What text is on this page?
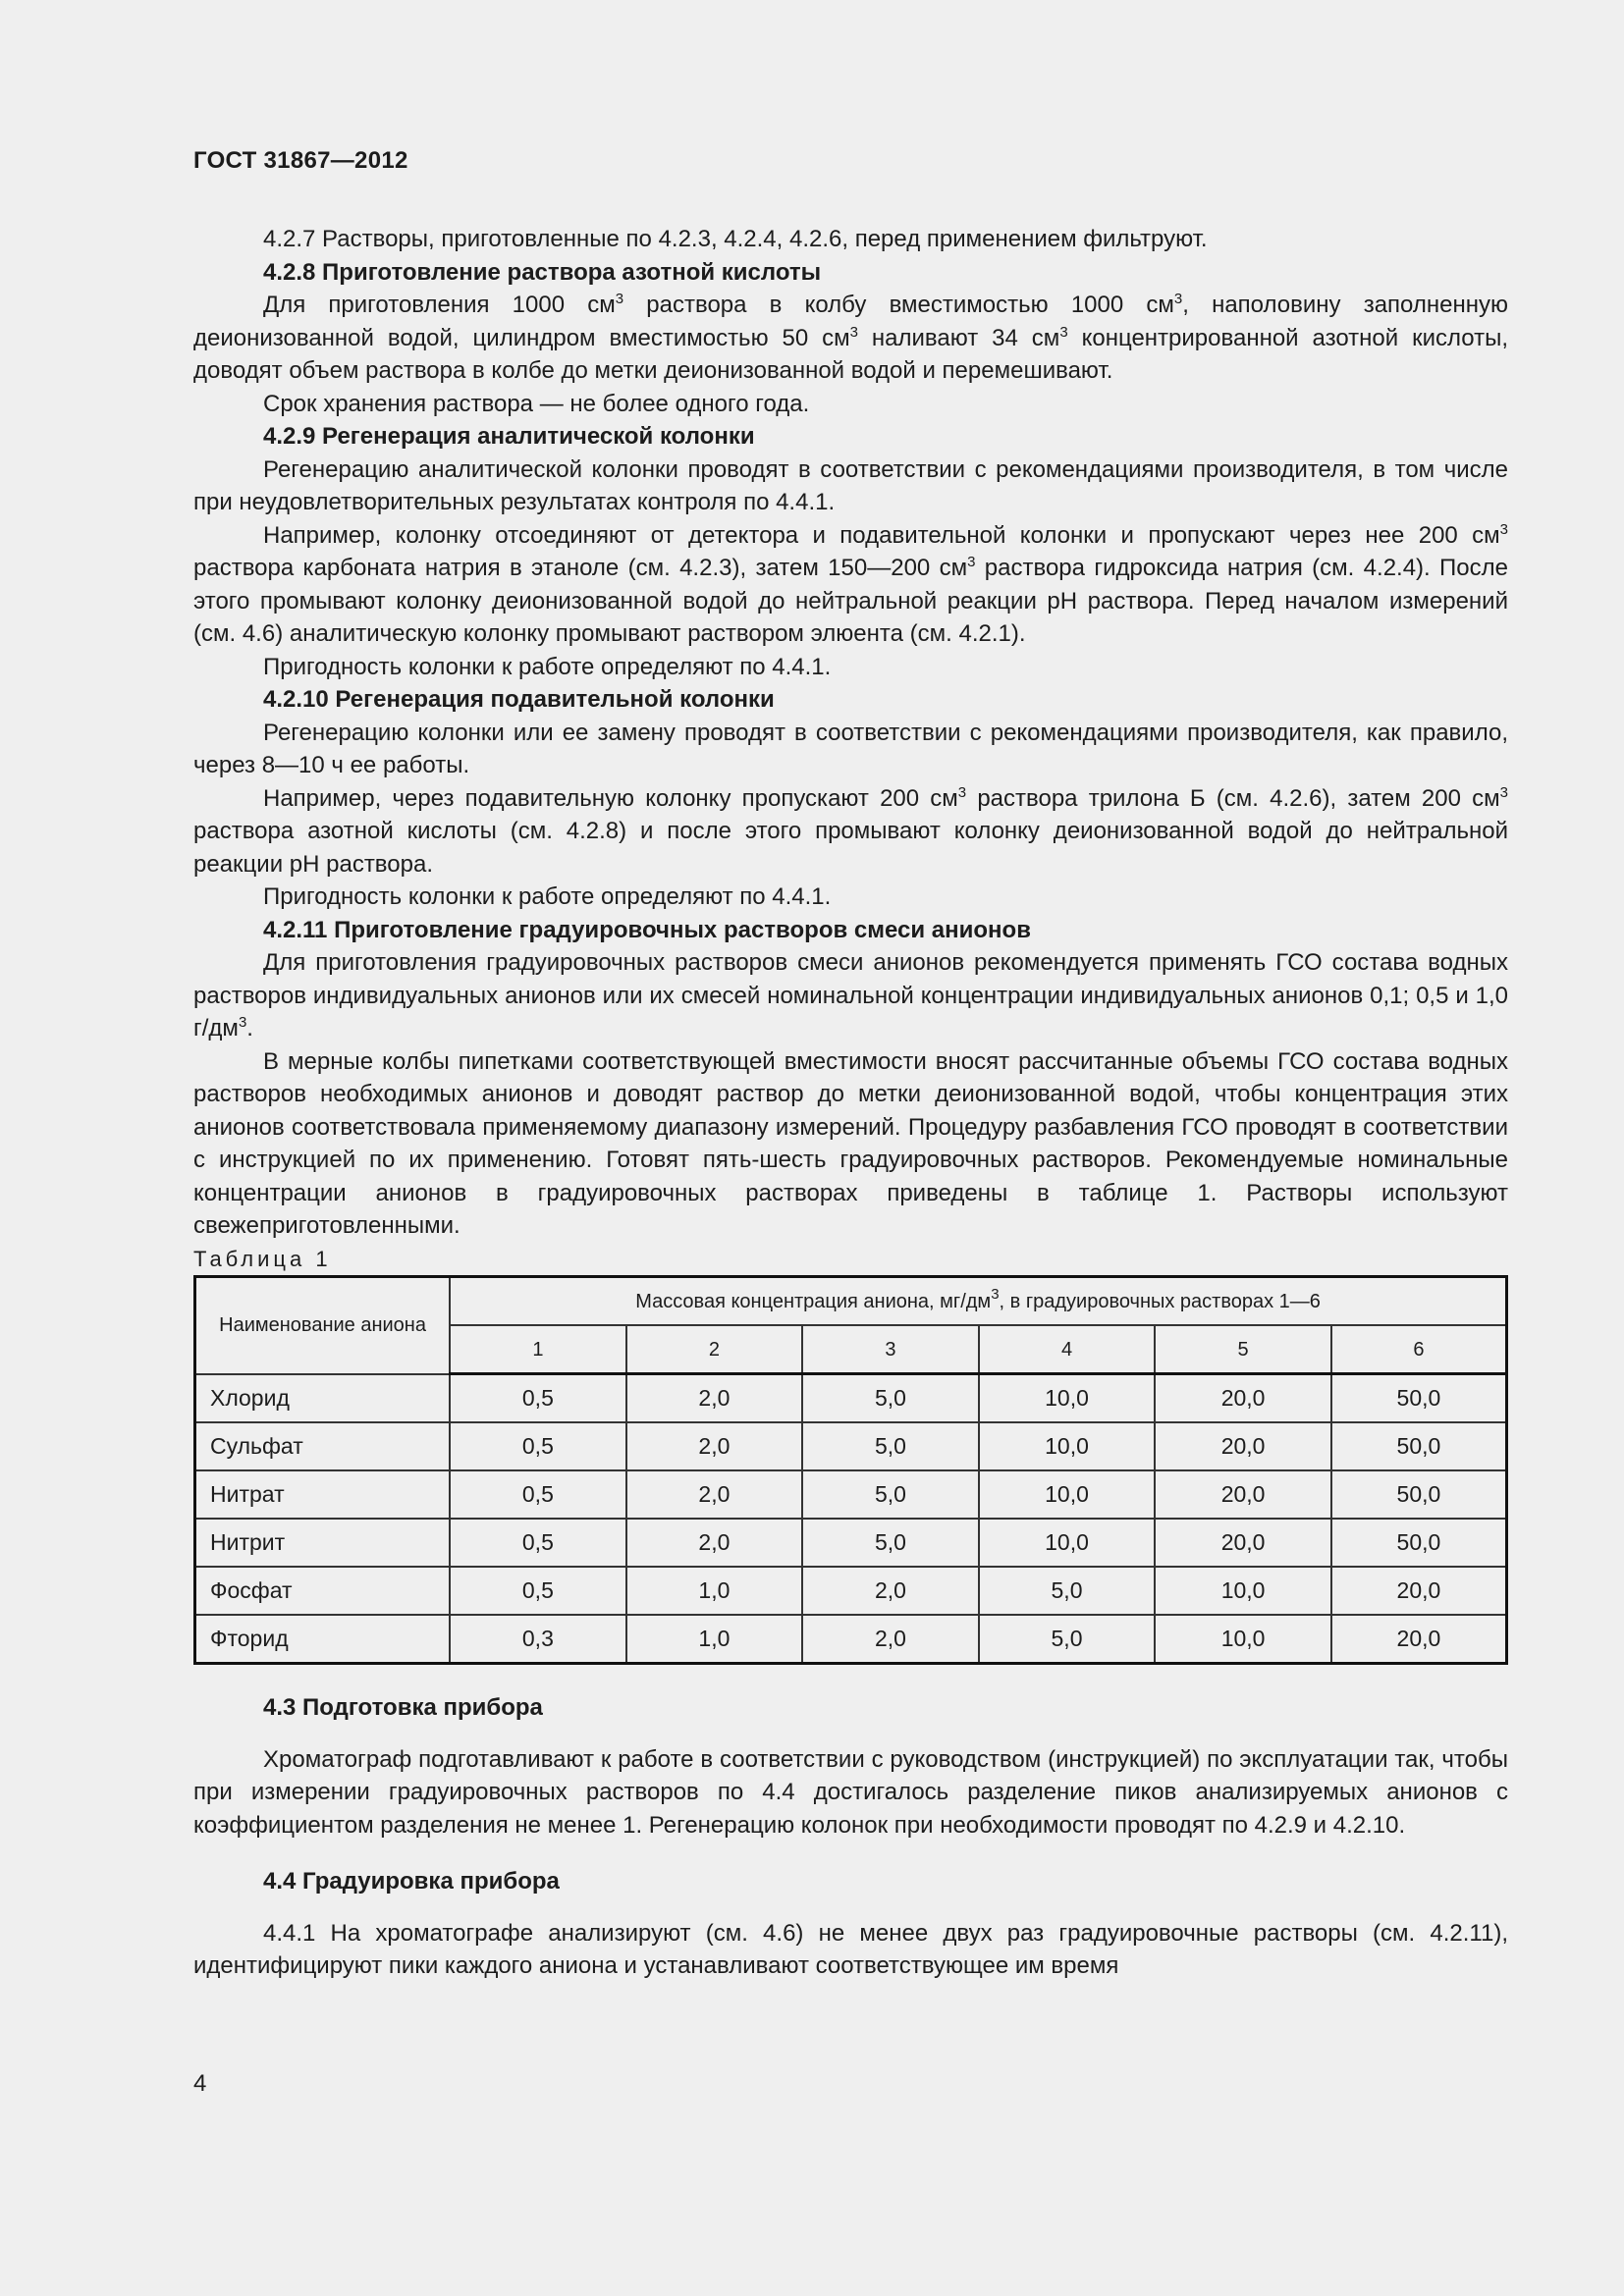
ГОСТ 31867—2012

4.2.7 Растворы, приготовленные по 4.2.3, 4.2.4, 4.2.6, перед применением фильтруют.

4.2.8 Приготовление раствора азотной кислоты

Для приготовления 1000 $см^3$ раствора в колбу вместимостью 1000 $см^3$, наполовину заполненную деионизованной водой, цилиндром вместимостью 50 $см^3$ наливают 34 $см^3$ концентрированной азотной кислоты, доводят объем раствора в колбе до метки деионизованной водой и перемешивают.

Срок хранения раствора — не более одного года.

4.2.9 Регенерация аналитической колонки

Регенерацию аналитической колонки проводят в соответствии с рекомендациями производителя, в том числе при неудовлетворительных результатах контроля по 4.4.1.

Например, колонку отсоединяют от детектора и подавительной колонки и пропускают через нее 200 $см^3$ раствора карбоната натрия в этаноле (см. 4.2.3), затем 150—200 $см^3$ раствора гидроксида натрия (см. 4.2.4). После этого промывают колонку деионизованной водой до нейтральной реакции pH раствора. Перед началом измерений (см. 4.6) аналитическую колонку промывают раствором элюента (см. 4.2.1).

Пригодность колонки к работе определяют по 4.4.1.

4.2.10 Регенерация подавительной колонки

Регенерацию колонки или ее замену проводят в соответствии с рекомендациями производителя, как правило, через 8—10 ч ее работы.

Например, через подавительную колонку пропускают 200 $см^3$ раствора трилона Б (см. 4.2.6), затем 200 $см^3$ раствора азотной кислоты (см. 4.2.8) и после этого промывают колонку деионизованной водой до нейтральной реакции pH раствора.

Пригодность колонки к работе определяют по 4.4.1.

4.2.11 Приготовление градуировочных растворов смеси анионов

Для приготовления градуировочных растворов смеси анионов рекомендуется применять ГСО состава водных растворов индивидуальных анионов или их смесей номинальной концентрации индивидуальных анионов 0,1; 0,5 и 1,0 $г/дм^3$.

В мерные колбы пипетками соответствующей вместимости вносят рассчитанные объемы ГСО состава водных растворов необходимых анионов и доводят раствор до метки деионизованной водой, чтобы концентрация этих анионов соответствовала применяемому диапазону измерений. Процедуру разбавления ГСО проводят в соответствии с инструкцией по их применению. Готовят пять-шесть градуировочных растворов. Рекомендуемые номинальные концентрации анионов в градуировочных растворах приведены в таблице 1. Растворы используют свежеприготовленными.

Таблица 1

Наименование аниона	Массовая концентрация аниона, $мг/дм^3$, в градуировочных растворах 1—6					
	1	2	3	4	5	6
Хлорид	0,5	2,0	5,0	10,0	20,0	50,0
Сульфат	0,5	2,0	5,0	10,0	20,0	50,0
Нитрат	0,5	2,0	5,0	10,0	20,0	50,0
Нитрит	0,5	2,0	5,0	10,0	20,0	50,0
Фосфат	0,5	1,0	2,0	5,0	10,0	20,0
Фторид	0,3	1,0	2,0	5,0	10,0	20,0

4.3 Подготовка прибора

Хроматограф подготавливают к работе в соответствии с руководством (инструкцией) по эксплуатации так, чтобы при измерении градуировочных растворов по 4.4 достигалось разделение пиков анализируемых анионов с коэффициентом разделения не менее 1. Регенерацию колонок при необходимости проводят по 4.2.9 и 4.2.10.

4.4 Градуировка прибора

4.4.1 На хроматографе анализируют (см. 4.6) не менее двух раз градуировочные растворы (см. 4.2.11), идентифицируют пики каждого аниона и устанавливают соответствующее им время

4
